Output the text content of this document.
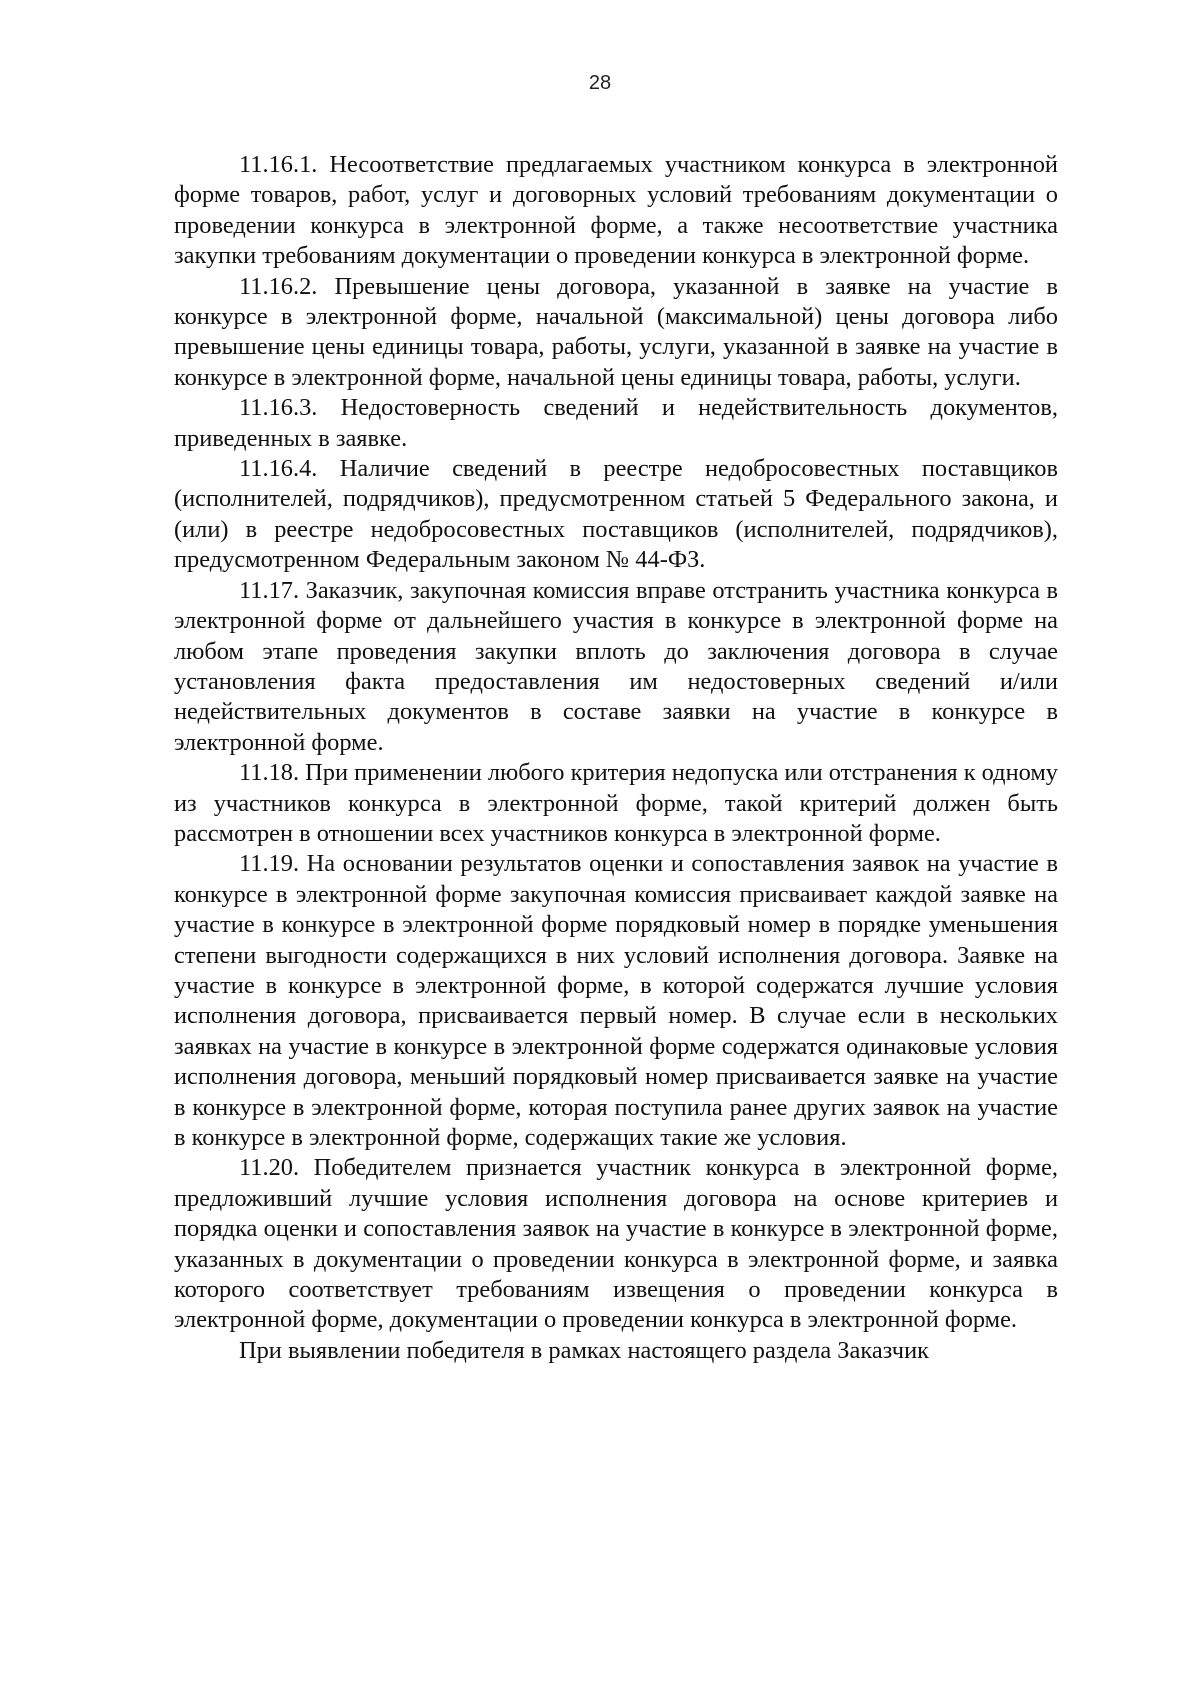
28

11.16.1. Несоответствие предлагаемых участником конкурса в электронной форме товаров, работ, услуг и договорных условий требованиям документации о проведении конкурса в электронной форме, а также несоответствие участника закупки требованиям документации о проведении конкурса в электронной форме.

11.16.2. Превышение цены договора, указанной в заявке на участие в конкурсе в электронной форме, начальной (максимальной) цены договора либо превышение цены единицы товара, работы, услуги, указанной в заявке на участие в конкурсе в электронной форме, начальной цены единицы товара, работы, услуги.

11.16.3. Недостоверность сведений и недействительность документов, приведенных в заявке.

11.16.4. Наличие сведений в реестре недобросовестных поставщиков (исполнителей, подрядчиков), предусмотренном статьей 5 Федерального закона, и (или) в реестре недобросовестных поставщиков (исполнителей, подрядчиков), предусмотренном Федеральным законом № 44-ФЗ.

11.17. Заказчик, закупочная комиссия вправе отстранить участника конкурса в электронной форме от дальнейшего участия в конкурсе в электронной форме на любом этапе проведения закупки вплоть до заключения договора в случае установления факта предоставления им недостоверных сведений и/или недействительных документов в составе заявки на участие в конкурсе в электронной форме.

11.18. При применении любого критерия недопуска или отстранения к одному из участников конкурса в электронной форме, такой критерий должен быть рассмотрен в отношении всех участников конкурса в электронной форме.

11.19. На основании результатов оценки и сопоставления заявок на участие в конкурсе в электронной форме закупочная комиссия присваивает каждой заявке на участие в конкурсе в электронной форме порядковый номер в порядке уменьшения степени выгодности содержащихся в них условий исполнения договора. Заявке на участие в конкурсе в электронной форме, в которой содержатся лучшие условия исполнения договора, присваивается первый номер. В случае если в нескольких заявках на участие в конкурсе в электронной форме содержатся одинаковые условия исполнения договора, меньший порядковый номер присваивается заявке на участие в конкурсе в электронной форме, которая поступила ранее других заявок на участие в конкурсе в электронной форме, содержащих такие же условия.

11.20. Победителем признается участник конкурса в электронной форме, предложивший лучшие условия исполнения договора на основе критериев и порядка оценки и сопоставления заявок на участие в конкурсе в электронной форме, указанных в документации о проведении конкурса в электронной форме, и заявка которого соответствует требованиям извещения о проведении конкурса в электронной форме, документации о проведении конкурса в электронной форме.

При выявлении победителя в рамках настоящего раздела Заказчик
